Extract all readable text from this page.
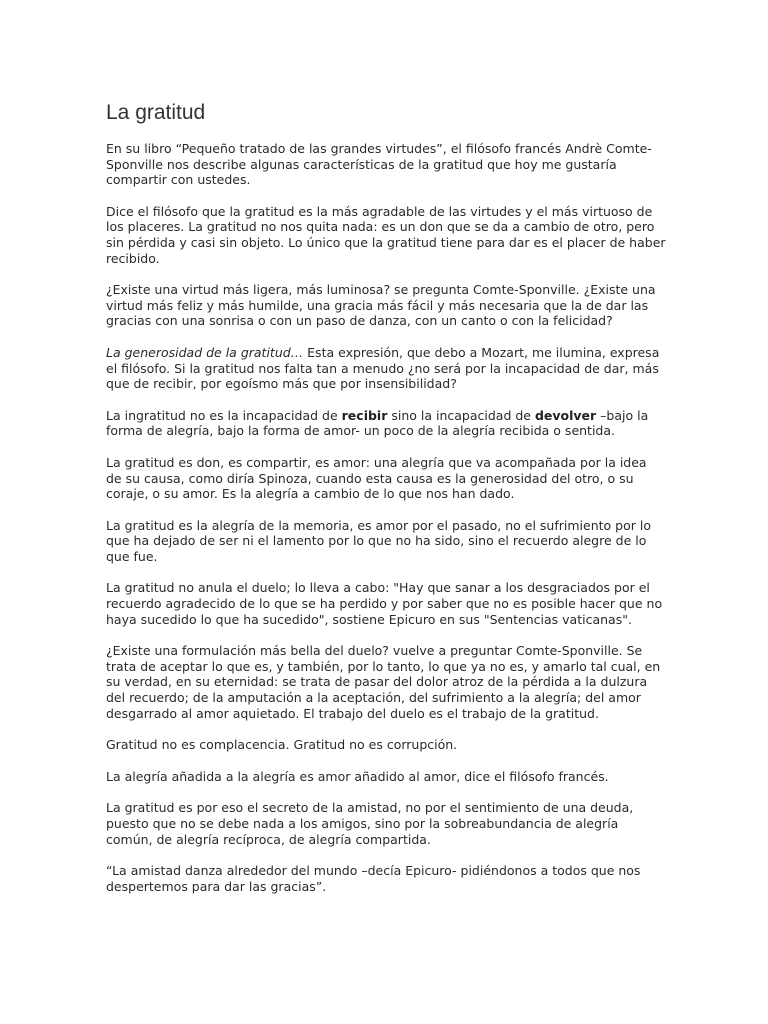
La gratitud

En su libro “Pequeño tratado de las grandes virtudes”, el filósofo francés Andrè Comte-Sponville nos describe algunas características de la gratitud que hoy me gustaría compartir con ustedes.

Dice el filósofo que la gratitud es la más agradable de las virtudes y el más virtuoso de los placeres. La gratitud no nos quita nada: es un don que se da a cambio de otro, pero sin pérdida y casi sin objeto. Lo único que la gratitud tiene para dar es el placer de haber recibido.

¿Existe una virtud más ligera, más luminosa? se pregunta Comte-Sponville. ¿Existe una virtud más feliz y más humilde, una gracia más fácil y más necesaria que la de dar las gracias con una sonrisa o con un paso de danza, con un canto o con la felicidad?

La generosidad de la gratitud… Esta expresión, que debo a Mozart, me ilumina, expresa el filósofo. Si la gratitud nos falta tan a menudo ¿no será por la incapacidad de dar, más que de recibir, por egoísmo más que por insensibilidad?

La ingratitud no es la incapacidad de recibir sino la incapacidad de devolver –bajo la forma de alegría, bajo la forma de amor- un poco de la alegría recibida o sentida.

La gratitud es don, es compartir, es amor: una alegría que va acompañada por la idea de su causa, como diría Spinoza, cuando esta causa es la generosidad del otro, o su coraje, o su amor. Es la alegría a cambio de lo que nos han dado.

La gratitud es la alegría de la memoria, es amor por el pasado, no el sufrimiento por lo que ha dejado de ser ni el lamento por lo que no ha sido, sino el recuerdo alegre de lo que fue.

La gratitud no anula el duelo; lo lleva a cabo: "Hay que sanar a los desgraciados por el recuerdo agradecido de lo que se ha perdido y por saber que no es posible hacer que no haya sucedido lo que ha sucedido", sostiene Epicuro en sus "Sentencias vaticanas".

¿Existe una formulación más bella del duelo? vuelve a preguntar Comte-Sponville. Se trata de aceptar lo que es, y también, por lo tanto, lo que ya no es, y amarlo tal cual, en su verdad, en su eternidad: se trata de pasar del dolor atroz de la pérdida a la dulzura del recuerdo; de la amputación a la aceptación, del sufrimiento a la alegría; del amor desgarrado al amor aquietado. El trabajo del duelo es el trabajo de la gratitud.

Gratitud no es complacencia. Gratitud no es corrupción.

La alegría añadida a la alegría es amor añadido al amor, dice el filósofo francés.

La gratitud es por eso el secreto de la amistad, no por el sentimiento de una deuda, puesto que no se debe nada a los amigos, sino por la sobreabundancia de alegría común, de alegría recíproca, de alegría compartida.

“La amistad danza alrededor del mundo –decía Epicuro- pidiéndonos a todos que nos despertemos para dar las gracias”.
